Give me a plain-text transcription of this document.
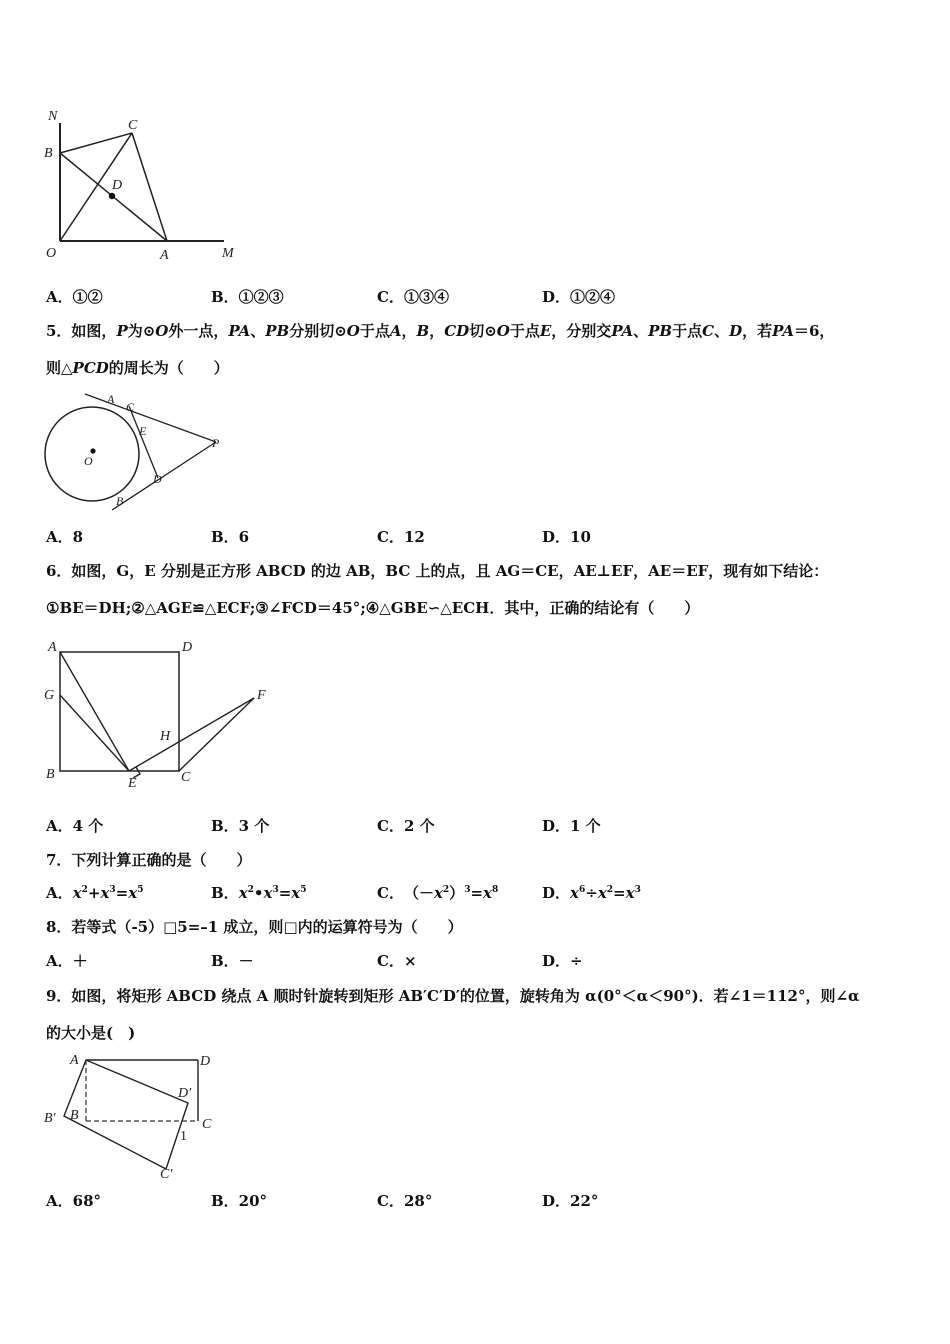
N
C
B
D
O	A	M
A．①②	B．①②③	C．①③④	D．①②④
5．如图，P为⊙O外一点，PA、PB分别切⊙O于点A，B，CD切⊙O于点E，分别交PA、PB于点C、D，若PA＝6，
则△PCD的周长为（　　）
A
C
E
P
O
D
B
A．8	B．6	C．12	D．10
6．如图，G，E 分别是正方形 ABCD 的边 AB，BC 上的点，且 AG＝CE，AE⊥EF，AE＝EF，现有如下结论：
①BE＝DH;②△AGE≌△ECF;③∠FCD＝45°;④△GBE∽△ECH．其中，正确的结论有（　　）
A	D
G	F
H
B
E	C
A．4 个	B．3 个	C．2 个	D．1 个
7．下列计算正确的是（　　）
A．$x^2+x^3=x^5$	B．$x^2•x^3=x^5$	C．　$(-x^2)^3=x^8$	D．$x^6\div x^2=x^3$
8．若等式（-5）□5=–1 成立，则□内的运算符号为（　　）
A．＋	B．－	C．×	D．÷
9．如图，将矩形 ABCD 绕点 A 顺时针旋转到矩形 AB′C′D′的位置，旋转角为 α(0°＜α＜90°)．若∠1＝112°，则∠α
的大小是(　)
A	D
D′
B′ B
C
1
C′
A．68°	B．20°	C．28°	D．22°
